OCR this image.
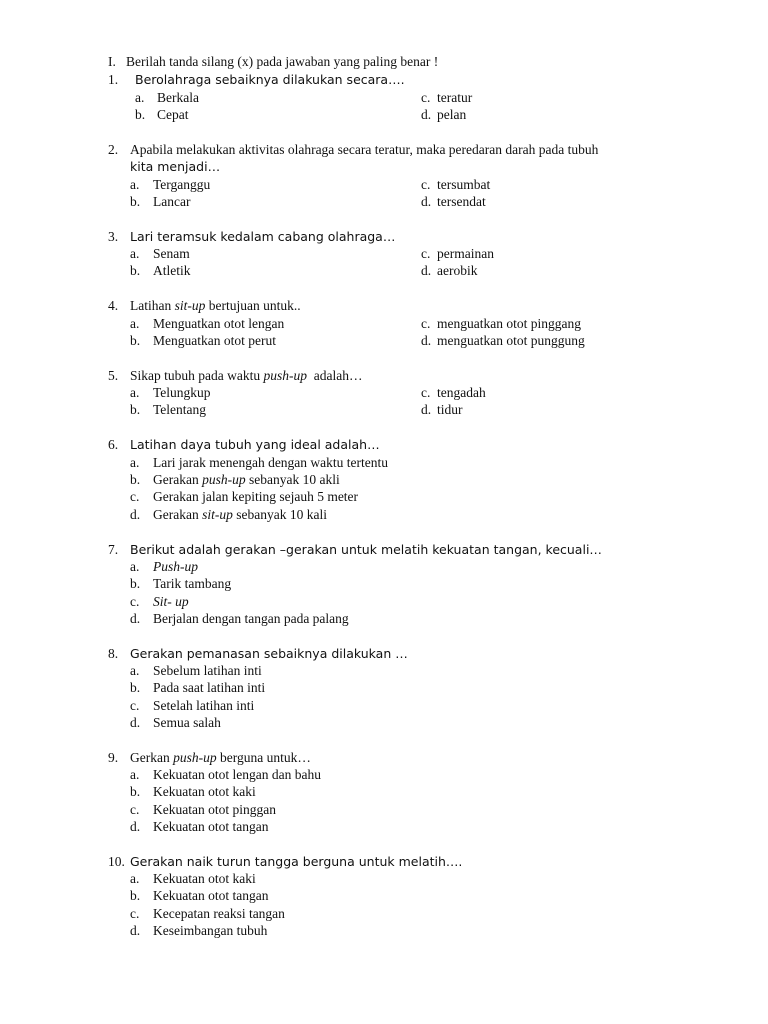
I. Berilah tanda silang (x) pada jawaban yang paling benar !
1. Berolahraga sebaiknya dilakukan secara….
a. Berkala
b. Cepat
c. teratur
d. pelan
2. Apabila melakukan aktivitas olahraga secara teratur, maka peredaran darah pada tubuh
kita menjadi…
a. Terganggu
b. Lancar
c. tersumbat
d. tersendat
3. Lari teramsuk kedalam cabang olahraga…
a. Senam
b. Atletik
c. permainan
d. aerobik
4. Latihan sit-up bertujuan untuk..
a. Menguatkan otot lengan
b. Menguatkan otot perut
c. menguatkan otot pinggang
d. menguatkan otot punggung
5. Sikap tubuh pada waktu push-up  adalah…
a. Telungkup
b. Telentang
c. tengadah
d. tidur
6. Latihan daya tubuh yang ideal adalah…
a. Lari jarak menengah dengan waktu tertentu
b. Gerakan push-up sebanyak 10 akli
c. Gerakan jalan kepiting sejauh 5 meter
d. Gerakan sit-up sebanyak 10 kali
7. Berikut adalah gerakan –gerakan untuk melatih kekuatan tangan, kecuali…
a. Push-up
b. Tarik tambang
c. Sit- up
d. Berjalan dengan tangan pada palang
8. Gerakan pemanasan sebaiknya dilakukan …
a. Sebelum latihan inti
b. Pada saat latihan inti
c. Setelah latihan inti
d. Semua salah
9. Gerkan push-up berguna untuk…
a. Kekuatan otot lengan dan bahu
b. Kekuatan otot kaki
c. Kekuatan otot pinggan
d. Kekuatan otot tangan
10. Gerakan naik turun tangga berguna untuk melatih….
a. Kekuatan otot kaki
b. Kekuatan otot tangan
c. Kecepatan reaksi tangan
d. Keseimbangan tubuh
